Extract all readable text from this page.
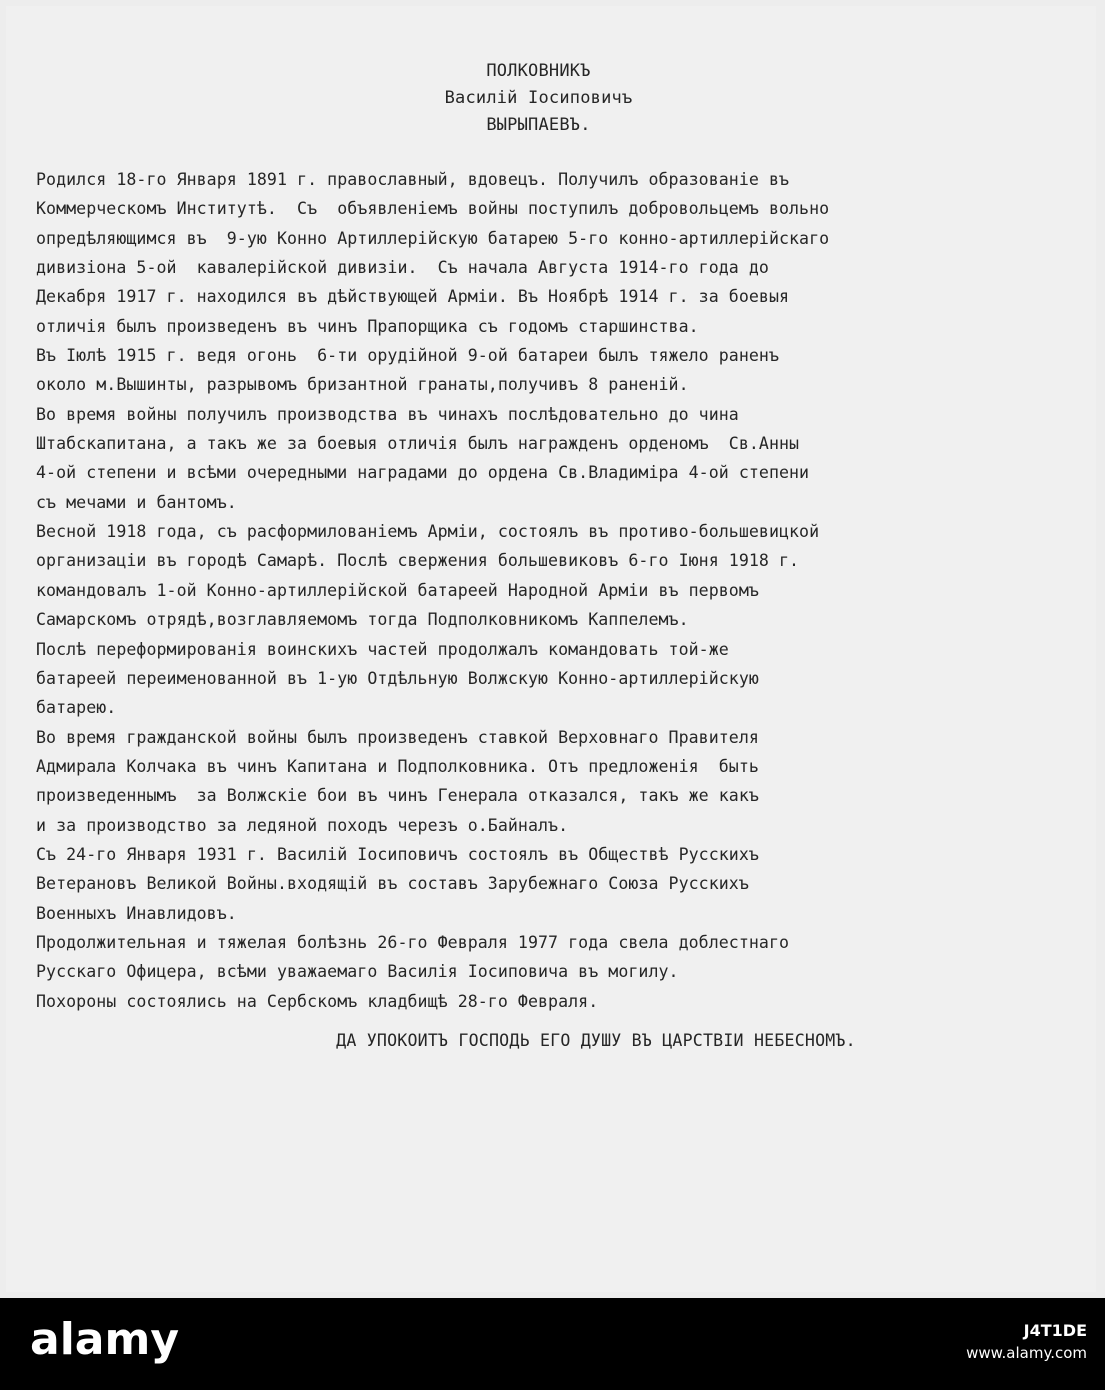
ПОЛКОВНИКЪ
Василiй Iосиповичъ
ВЫРЫПАЕВЪ.
Родился 18-го Января 1891 г. православный, вдовецъ. Получилъ образованiе въ
Коммерческомъ Институтѣ.  Съ  объявленiемъ войны поступилъ добровольцемъ вольно
опредѣляющимся въ  9-ую Конно Артиллерiйскую батарею 5-го конно-артиллерiйскаго
дивизiона 5-ой  кавалерiйской дивизiи.  Съ начала Августа 1914-го года до
Декабря 1917 г. находился въ дѣйствующей Армiи. Въ Ноябрѣ 1914 г. за боевыя
отличiя былъ произведенъ въ чинъ Прапорщика съ годомъ старшинства.
Въ Iюлѣ 1915 г. ведя огонь  6-ти орудiйной 9-ой батареи былъ тяжело раненъ
около м.Вышинты, разрывомъ бризантной гранаты,получивъ 8 раненiй.
Во время войны получилъ производства въ чинахъ послѣдовательно до чина
Штабскапитана, а такъ же за боевыя отличiя былъ награжденъ орденомъ  Св.Анны
4-ой степени и всѣми очередными наградами до ордена Св.Владимiра 4-ой степени
съ мечами и бантомъ.
Весной 1918 года, съ расформилованiемъ Армiи, состоялъ въ противо-большевицкой
организацiи въ городѣ Самарѣ. Послѣ свержения большевиковъ 6-го Iюня 1918 г.
командовалъ 1-ой Конно-артиллерiйской батареей Народной Армiи въ первомъ
Самарскомъ отрядѣ,возглавляемомъ тогда Подполковникомъ Каппелемъ.
Послѣ переформированiя воинскихъ частей продолжалъ командовать той-же
батареей переименованной въ 1-ую Отдѣльную Волжскую Конно-артиллерiйскую
батарею.
Во время гражданской войны былъ произведенъ ставкой Верховнаго Правителя
Адмирала Колчака въ чинъ Капитана и Подполковника. Отъ предложенiя  быть
произведеннымъ  за Волжскiе бои въ чинъ Генерала отказался, такъ же какъ
и за производство за ледяной походъ черезъ о.Байналъ.
Съ 24-го Января 1931 г. Василiй Iосиповичъ состоялъ въ Обществѣ Русскихъ
Ветерановъ Великой Войны.входящiй въ составъ Зарубежнаго Союза Русскихъ
Военныхъ Инавлидовъ.
Продолжительная и тяжелая болѣзнь 26-го Февраля 1977 года свела доблестнаго
Русскаго Офицера, всѣми уважаемаго Василiя Iосиповича въ могилу.
Похороны состоялись на Сербскомъ кладбищѣ 28-го Февраля.
ДА УПОКОИТЪ ГОСПОДЬ ЕГО ДУШУ ВЪ ЦАРСТВIИ НЕБЕСНОМЪ.
alamy	J4T1DE
www.alamy.com
